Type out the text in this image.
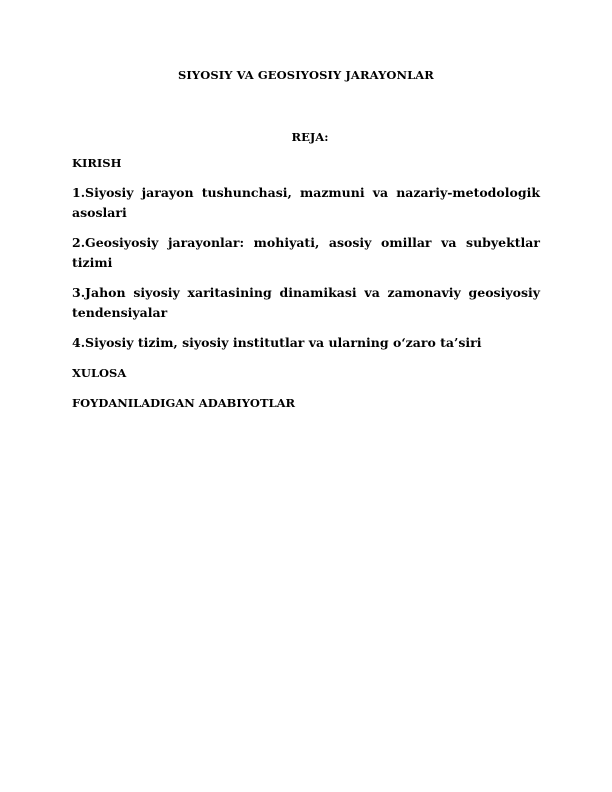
SIYOSIY VA GEOSIYOSIY JARAYONLAR
REJA:
KIRISH
1.Siyosiy jarayon tushunchasi, mazmuni va nazariy-metodologik asoslari
2.Geosiyosiy jarayonlar: mohiyati, asosiy omillar va subyektlar tizimi
3.Jahon siyosiy xaritasining dinamikasi va zamonaviy geosiyosiy tendensiyalar
4.Siyosiy tizim, siyosiy institutlar va ularning o‘zaro ta’siri
XULOSA
FOYDANILADIGAN ADABIYOTLAR
